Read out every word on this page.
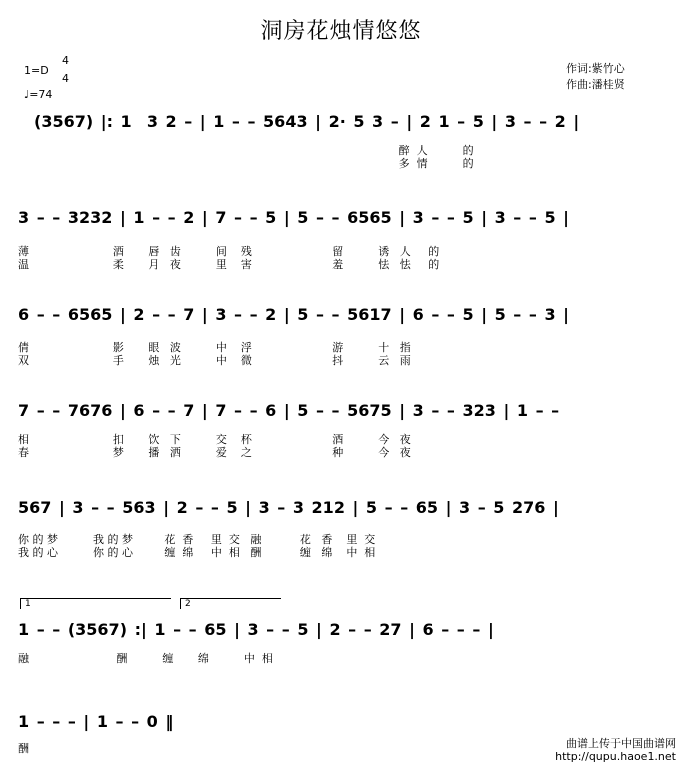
洞房花烛情悠悠
1=D
4
4
♩=74
作词:紫竹心
作曲:潘桂贤
(3567) |: 1  3 2 – | 1 – – 5643 | 2· 5 3 – | 2 1 – 5 | 3 – – 2 |
醉  人          的
多  情          的
3 – – 3232 | 1 – – 2 | 7 – – 5 | 5 – – 6565 | 3 – – 5 | 3 – – 5 |
薄                        酒       唇   齿          间    残                       留          诱   人     的
温                        柔       月   夜          里    害                       羞          怯   怯     的
6 – – 6565 | 2 – – 7 | 3 – – 2 | 5 – – 5617 | 6 – – 5 | 5 – – 3 |
倩                        影       眼   波          中    浮                       游          十   指
双                        手       烛   光          中    微                       抖          云   雨
7 – – 7676 | 6 – – 7 | 7 – – 6 | 5 – – 5675 | 3 – – 323 | 1 – –
相                        扣       饮   下          交    杯                       酒          今   夜
春                        梦       播   洒          爱    之                       种          今   夜
567 | 3 – – 563 | 2 – – 5 | 3 – 3 212 | 5 – – 65 | 3 – 5 276 |
你 的 梦          我 的 梦         花  香     里  交   融           花   香    里  交
我 的 心          你 的 心         缠  绵     中  相   酬           缠   绵    中  相
1	2
1 – – (3567) :| 1 – – 65 | 3 – – 5 | 2 – – 27 | 6 – – – |
融                         酬          缠       绵          中  相
1 – – – | 1 – – 0 ‖
酬	曲谱上传于中国曲谱网
http://qupu.haoe1.net
